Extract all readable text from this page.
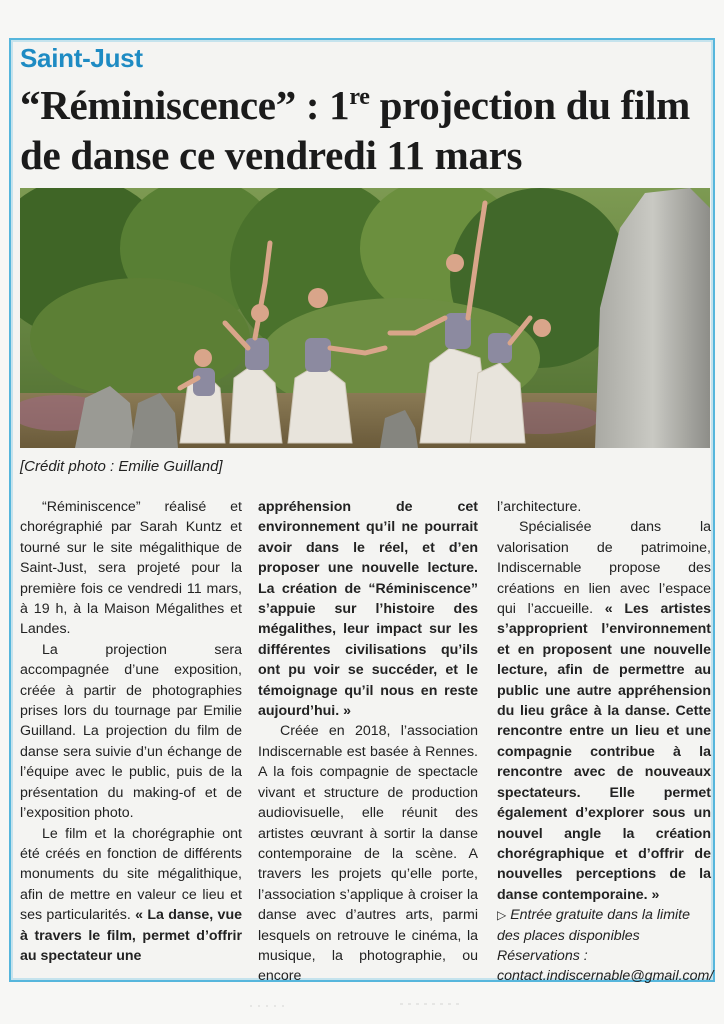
Saint-Just
“Réminiscence” : 1re projection du film de danse ce vendredi 11 mars
[Crédit photo : Emilie Guilland]

“Réminiscence” réalisé et chorégraphié par Sarah Kuntz et tourné sur le site mégalithique de Saint-Just, sera projeté pour la première fois ce vendredi 11 mars, à 19 h, à la Maison Mégalithes et Landes.

La projection sera accompagnée d’une exposition, créée à partir de photographies prises lors du tournage par Emilie Guilland. La projection du film de danse sera suivie d’un échange de l’équipe avec le public, puis de la présentation du making-of et de l’exposition photo.

Le film et la chorégraphie ont été créés en fonction de différents monuments du site mégalithique, afin de mettre en valeur ce lieu et ses particularités. « La danse, vue à travers le film, permet d’offrir au spectateur une

appréhension de cet environnement qu’il ne pourrait avoir dans le réel, et d’en proposer une nouvelle lecture. La création de “Réminiscence” s’appuie sur l’histoire des mégalithes, leur impact sur les différentes civilisations qu’ils ont pu voir se succéder, et le témoignage qu’il nous en reste aujourd’hui. »

Créée en 2018, l’association Indiscernable est basée à Rennes. A la fois compagnie de spectacle vivant et structure de production audiovisuelle, elle réunit des artistes œuvrant à sortir la danse contemporaine de la scène. A travers les projets qu’elle porte, l’association s’applique à croiser la danse avec d’autres arts, parmi lesquels on retrouve le cinéma, la musique, la photographie, ou encore

l’architecture.

Spécialisée dans la valorisation de patrimoine, Indiscernable propose des créations en lien avec l’espace qui l’accueille. « Les artistes s’approprient l’environnement et en proposent une nouvelle lecture, afin de permettre au public une autre appréhension du lieu grâce à la danse. Cette rencontre entre un lieu et une compagnie contribue à la rencontre avec de nouveaux spectateurs. Elle permet également d’explorer sous un nouvel angle la création chorégraphique et d’offrir de nouvelles perceptions de la danse contemporaine. »

▷ Entrée gratuite dans la limite des places disponibles
Réservations : contact.indiscernable@gmail.com/
